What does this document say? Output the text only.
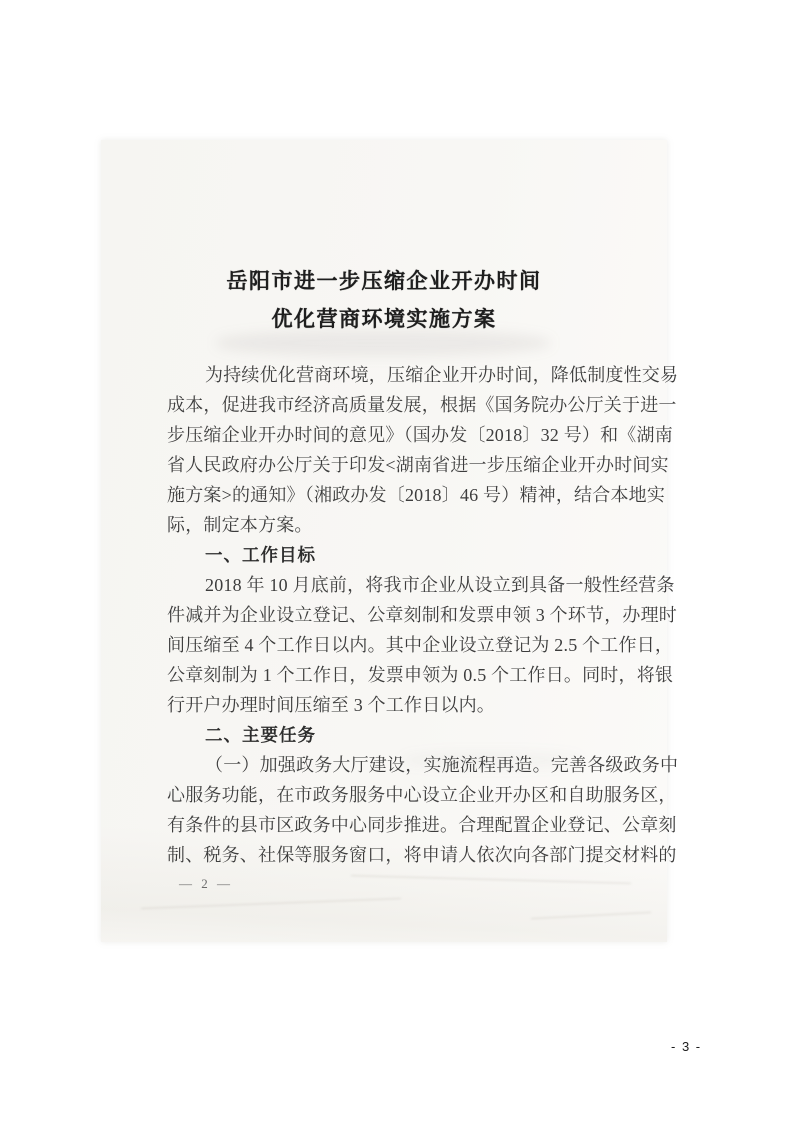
岳阳市进一步压缩企业开办时间
优化营商环境实施方案
为持续优化营商环境，压缩企业开办时间，降低制度性交易
成本，促进我市经济高质量发展，根据《国务院办公厅关于进一
步压缩企业开办时间的意见》（国办发〔2018〕32 号）和《湖南
省人民政府办公厅关于印发<湖南省进一步压缩企业开办时间实
施方案>的通知》（湘政办发〔2018〕46 号）精神，结合本地实
际，制定本方案。
一、工作目标
2018 年 10 月底前，将我市企业从设立到具备一般性经营条
件减并为企业设立登记、公章刻制和发票申领 3 个环节，办理时
间压缩至 4 个工作日以内。其中企业设立登记为 2.5 个工作日，
公章刻制为 1 个工作日，发票申领为 0.5 个工作日。同时，将银
行开户办理时间压缩至 3 个工作日以内。
二、主要任务
（一）加强政务大厅建设，实施流程再造。完善各级政务中
心服务功能，在市政务服务中心设立企业开办区和自助服务区，
有条件的县市区政务中心同步推进。合理配置企业登记、公章刻
制、税务、社保等服务窗口，将申请人依次向各部门提交材料的
— 2 —
- 3 -
